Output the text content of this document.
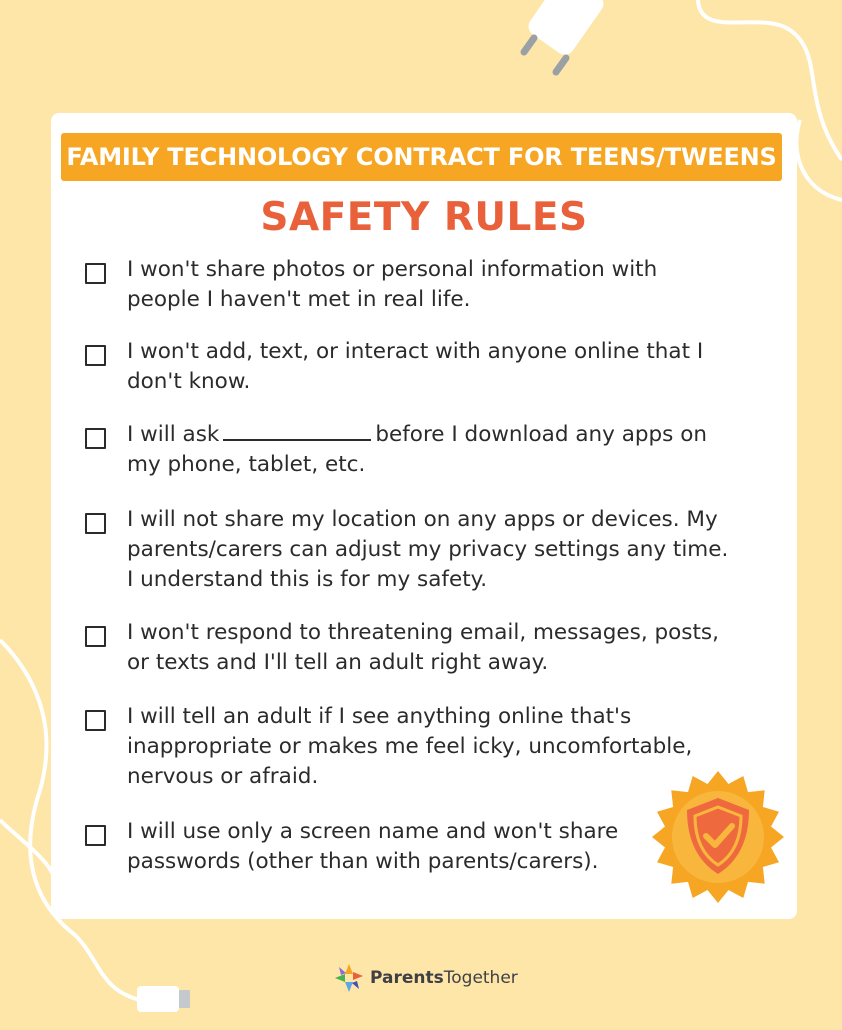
FAMILY TECHNOLOGY CONTRACT FOR TEENS/TWEENS
SAFETY RULES
I won't share photos or personal information with
people I haven't met in real life.
I won't add, text, or interact with anyone online that I
don't know.
I will ask	before I download any apps on
my phone, tablet, etc.
I will not share my location on any apps or devices. My
parents/carers can adjust my privacy settings any time.
I understand this is for my safety.
I won't respond to threatening email, messages, posts,
or texts and I'll tell an adult right away.
I will tell an adult if I see anything online that's
inappropriate or makes me feel icky, uncomfortable,
nervous or afraid.
I will use only a screen name and won't share
passwords (other than with parents/carers).
ParentsTogether
